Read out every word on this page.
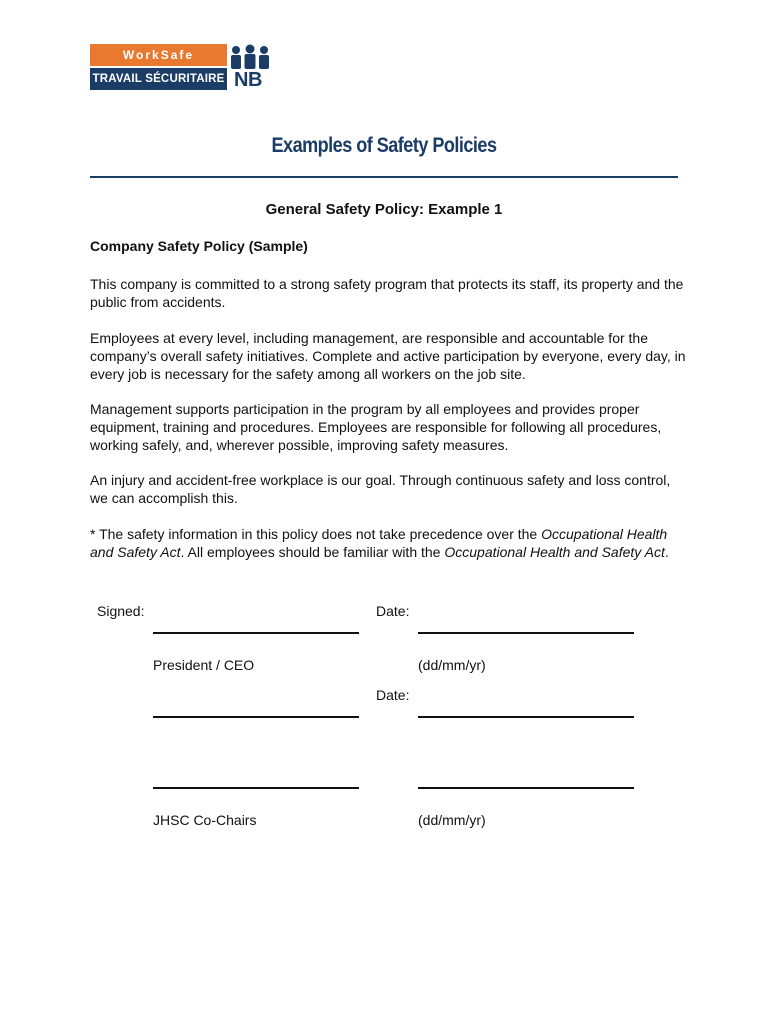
WorkSafe
TRAVAIL SÉCURITAIRE NB
Examples of Safety Policies
General Safety Policy: Example 1
Company Safety Policy (Sample)

This company is committed to a strong safety program that protects its staff, its property and the public from accidents.

Employees at every level, including management, are responsible and accountable for the company’s overall safety initiatives. Complete and active participation by everyone, every day, in every job is necessary for the safety among all workers on the job site.

Management supports participation in the program by all employees and provides proper equipment, training and procedures. Employees are responsible for following all procedures, working safely, and, wherever possible, improving safety measures.

An injury and accident-free workplace is our goal. Through continuous safety and loss control, we can accomplish this.

* The safety information in this policy does not take precedence over the Occupational Health and Safety Act. All employees should be familiar with the Occupational Health and Safety Act.

Signed:	Date:
President / CEO	(dd/mm/yr)
Date:
JHSC Co-Chairs	(dd/mm/yr)
